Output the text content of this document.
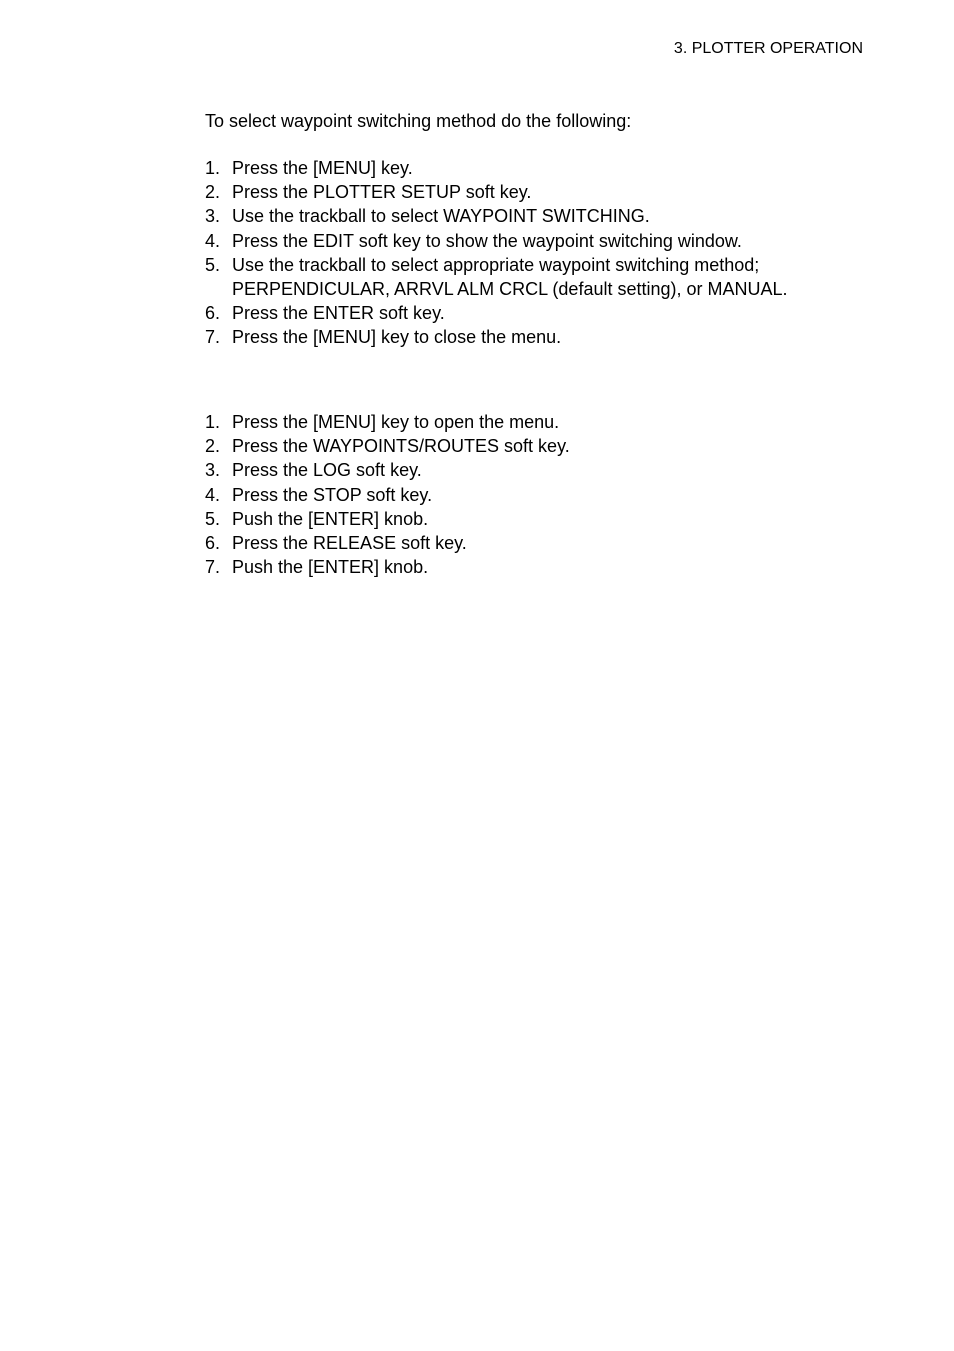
3. PLOTTER OPERATION
To select waypoint switching method do the following:
1. Press the [MENU] key.
2. Press the PLOTTER SETUP soft key.
3. Use the trackball to select WAYPOINT SWITCHING.
4. Press the EDIT soft key to show the waypoint switching window.
5. Use the trackball to select appropriate waypoint switching method; PERPENDICULAR, ARRVL ALM CRCL (default setting), or MANUAL.
6. Press the ENTER soft key.
7. Press the [MENU] key to close the menu.
1. Press the [MENU] key to open the menu.
2. Press the WAYPOINTS/ROUTES soft key.
3. Press the LOG soft key.
4. Press the STOP soft key.
5. Push the [ENTER] knob.
6. Press the RELEASE soft key.
7. Push the [ENTER] knob.
